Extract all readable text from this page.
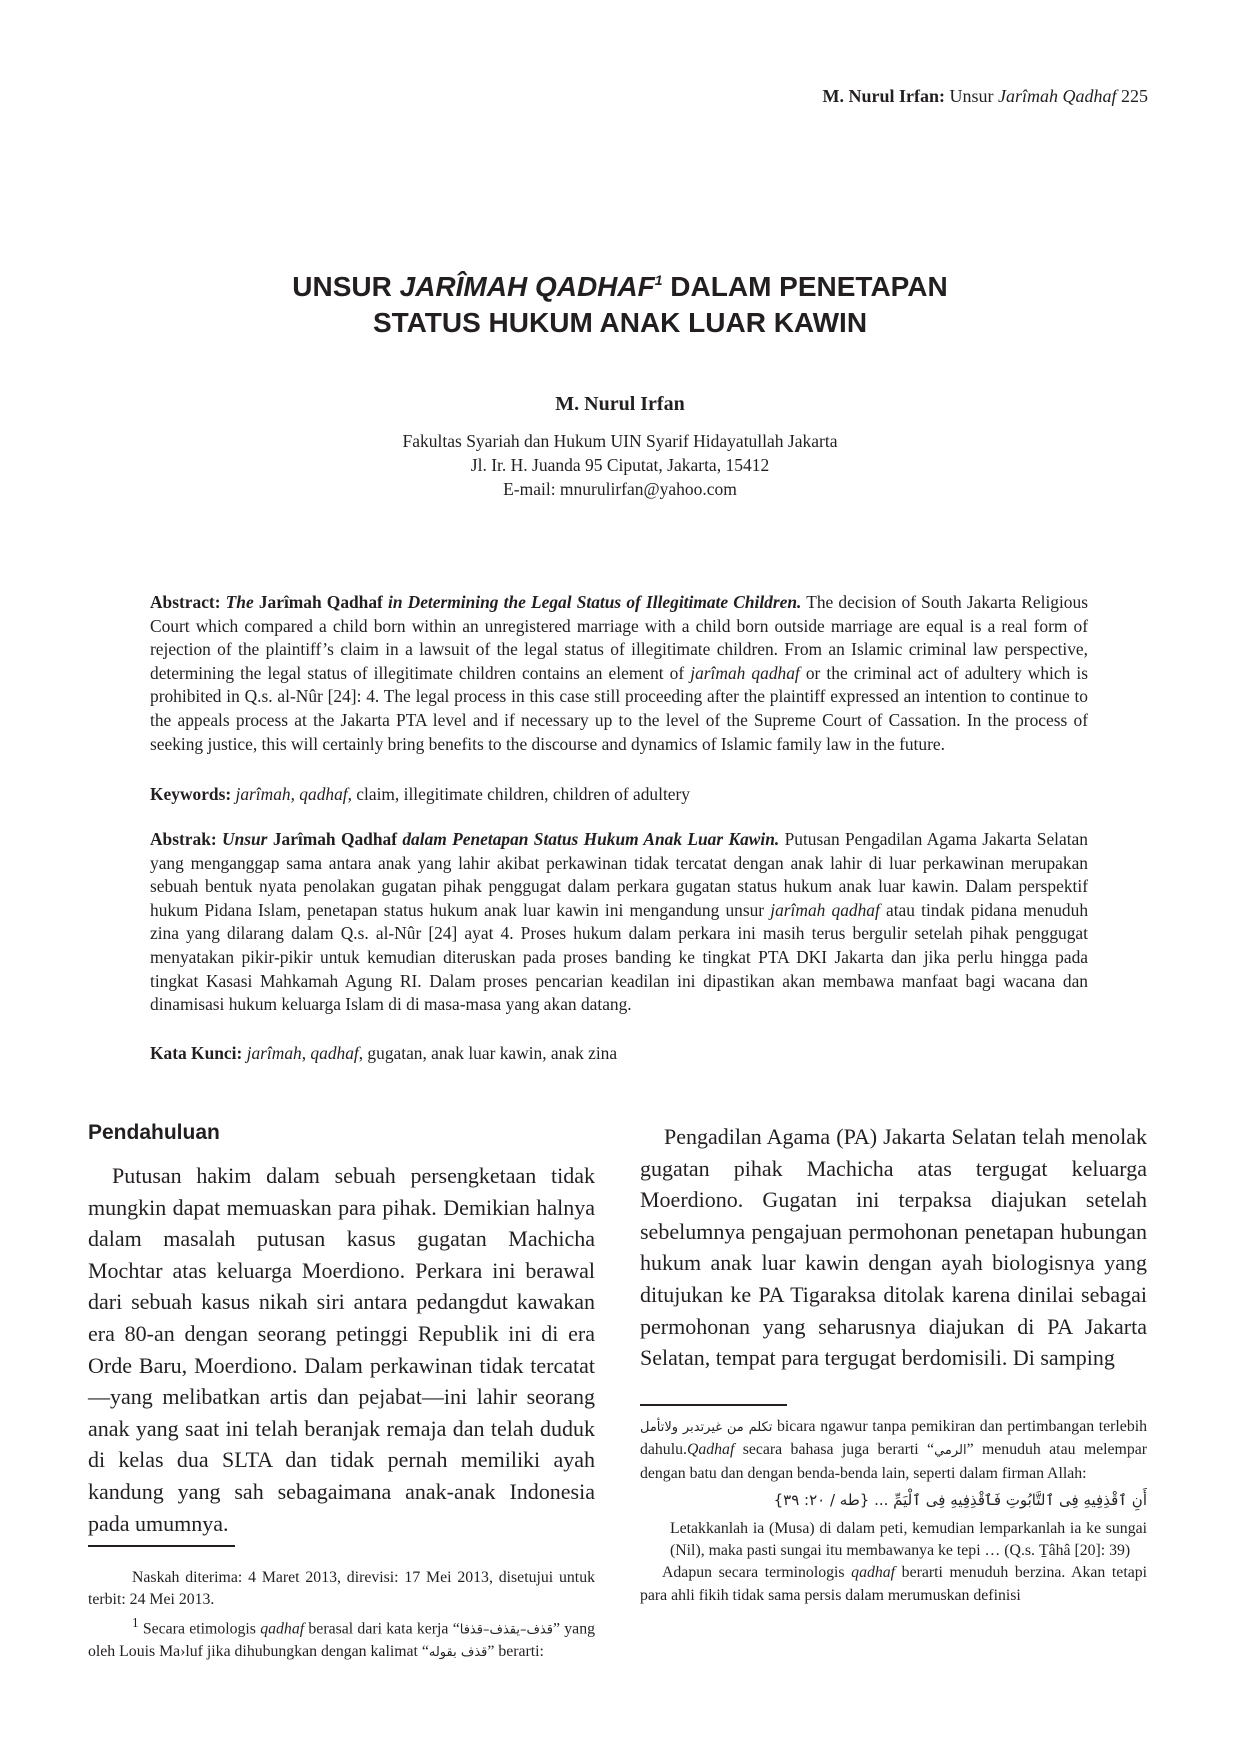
M. Nurul Irfan: Unsur Jarîmah Qadhaf 225
UNSUR JARÎMAH QADHAF$^1$ DALAM PENETAPAN
STATUS HUKUM ANAK LUAR KAWIN
M. Nurul Irfan
Fakultas Syariah dan Hukum UIN Syarif Hidayatullah Jakarta
Jl. Ir. H. Juanda 95 Ciputat, Jakarta, 15412
E-mail: mnurulirfan@yahoo.com

Abstract: The Jarîmah Qadhaf in Determining the Legal Status of Illegitimate Children. The decision of South Jakarta Religious Court which compared a child born within an unregistered marriage with a child born outside marriage are equal is a real form of rejection of the plaintiff’s claim in a lawsuit of the legal status of illegitimate children. From an Islamic criminal law perspective, determining the legal status of illegitimate children contains an element of jarîmah qadhaf or the criminal act of adultery which is prohibited in Q.s. al-Nûr [24]: 4. The legal process in this case still proceeding after the plaintiff expressed an intention to continue to the appeals process at the Jakarta PTA level and if necessary up to the level of the Supreme Court of Cassation. In the process of seeking justice, this will certainly bring benefits to the discourse and dynamics of Islamic family law in the future.

Keywords: jarîmah, qadhaf, claim, illegitimate children, children of adultery

Abstrak: Unsur Jarîmah Qadhaf dalam Penetapan Status Hukum Anak Luar Kawin. Putusan Pengadilan Agama Jakarta Selatan yang menganggap sama antara anak yang lahir akibat perkawinan tidak tercatat dengan anak lahir di luar perkawinan merupakan sebuah bentuk nyata penolakan gugatan pihak penggugat dalam perkara gugatan status hukum anak luar kawin. Dalam perspektif hukum Pidana Islam, penetapan status hukum anak luar kawin ini mengandung unsur jarîmah qadhaf atau tindak pidana menuduh zina yang dilarang dalam Q.s. al-Nûr [24] ayat 4. Proses hukum dalam perkara ini masih terus bergulir setelah pihak penggugat menyatakan pikir-pikir untuk kemudian diteruskan pada proses banding ke tingkat PTA DKI Jakarta dan jika perlu hingga pada tingkat Kasasi Mahkamah Agung RI. Dalam proses pencarian keadilan ini dipastikan akan membawa manfaat bagi wacana dan dinamisasi hukum keluarga Islam di di masa-masa yang akan datang.

Kata Kunci: jarîmah, qadhaf, gugatan, anak luar kawin, anak zina

Pendahuluan

Putusan hakim dalam sebuah persengketaan tidak mungkin dapat memuaskan para pihak. Demikian halnya dalam masalah putusan kasus gugatan Machicha Mochtar atas keluarga Moerdiono. Perkara ini berawal dari sebuah kasus nikah siri antara pedangdut kawakan era 80-an dengan seorang petinggi Republik ini di era Orde Baru, Moerdiono. Dalam perkawinan tidak tercatat—yang melibatkan artis dan pejabat—ini lahir seorang anak yang saat ini telah beranjak remaja dan telah duduk di kelas dua SLTA dan tidak pernah memiliki ayah kandung yang sah sebagaimana anak-anak Indonesia pada umumnya.

Pengadilan Agama (PA) Jakarta Selatan telah menolak gugatan pihak Machicha atas tergugat keluarga Moerdiono. Gugatan ini terpaksa diajukan setelah sebelumnya pengajuan permohonan penetapan hubungan hukum anak luar kawin dengan ayah biologisnya yang ditujukan ke PA Tigaraksa ditolak karena dinilai sebagai permohonan yang seharusnya diajukan di PA Jakarta Selatan, tempat para tergugat berdomisili. Di samping

Naskah diterima: 4 Maret 2013, direvisi: 17 Mei 2013, disetujui untuk terbit: 24 Mei 2013.

$^1$ Secara etimologis qadhaf berasal dari kata kerja “قذف–يقذف–قذفا” yang oleh Louis Ma›luf jika dihubungkan dengan kalimat “قذف بقوله” berarti:

تكلم من غيرتدبر ولاتأمل bicara ngawur tanpa pemikiran dan pertimbangan terlebih dahulu.Qadhaf secara bahasa juga berarti “الرمي” menuduh atau melempar dengan batu dan dengan benda-benda lain, seperti dalam firman Allah:

أَنِ ٱقْذِفِيهِ فِى ٱلتَّابُوتِ فَٱقْذِفِيهِ فِى ٱلْيَمِّ ... {طه / ٢٠: ٣٩}

Letakkanlah ia (Musa) di dalam peti, kemudian lemparkanlah ia ke sungai (Nil), maka pasti sungai itu membawanya ke tepi … (Q.s. Ṯâhâ [20]: 39)

Adapun secara terminologis qadhaf berarti menuduh berzina. Akan tetapi para ahli fikih tidak sama persis dalam merumuskan definisi
